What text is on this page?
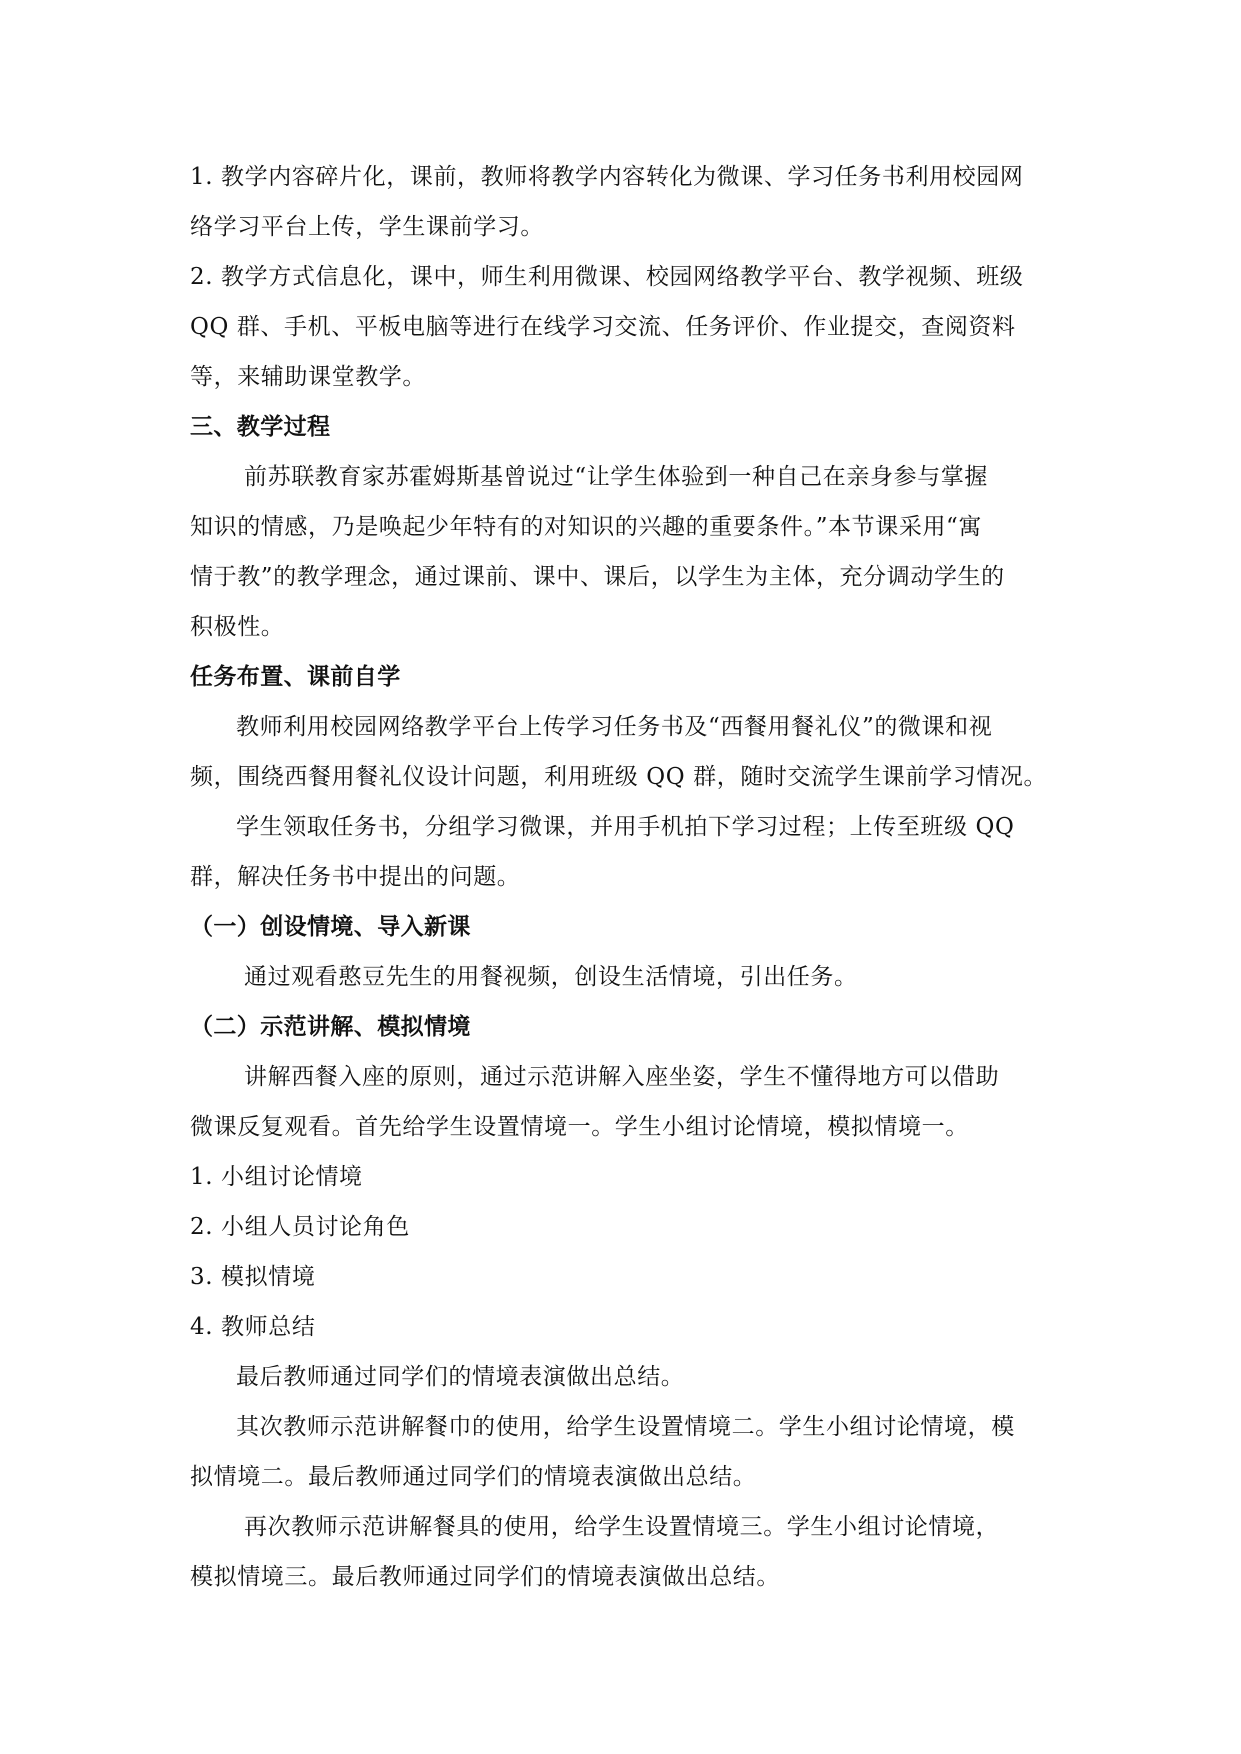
1. 教学内容碎片化，课前，教师将教学内容转化为微课、学习任务书利用校园网
络学习平台上传，学生课前学习。
2. 教学方式信息化，课中，师生利用微课、校园网络教学平台、教学视频、班级
QQ 群、手机、平板电脑等进行在线学习交流、任务评价、作业提交，查阅资料
等，来辅助课堂教学。
三、教学过程
前苏联教育家苏霍姆斯基曾说过“让学生体验到一种自己在亲身参与掌握
知识的情感，乃是唤起少年特有的对知识的兴趣的重要条件。”本节课采用“寓
情于教”的教学理念，通过课前、课中、课后，以学生为主体，充分调动学生的
积极性。
任务布置、课前自学
教师利用校园网络教学平台上传学习任务书及“西餐用餐礼仪”的微课和视
频，围绕西餐用餐礼仪设计问题，利用班级 QQ 群，随时交流学生课前学习情况。
学生领取任务书，分组学习微课，并用手机拍下学习过程；上传至班级 QQ
群，解决任务书中提出的问题。
（一）创设情境、导入新课
通过观看憨豆先生的用餐视频，创设生活情境，引出任务。
（二）示范讲解、模拟情境
讲解西餐入座的原则，通过示范讲解入座坐姿，学生不懂得地方可以借助
微课反复观看。首先给学生设置情境一。学生小组讨论情境，模拟情境一。
1. 小组讨论情境
2. 小组人员讨论角色
3. 模拟情境
4. 教师总结
最后教师通过同学们的情境表演做出总结。
其次教师示范讲解餐巾的使用，给学生设置情境二。学生小组讨论情境，模
拟情境二。最后教师通过同学们的情境表演做出总结。
再次教师示范讲解餐具的使用，给学生设置情境三。学生小组讨论情境，
模拟情境三。最后教师通过同学们的情境表演做出总结。
